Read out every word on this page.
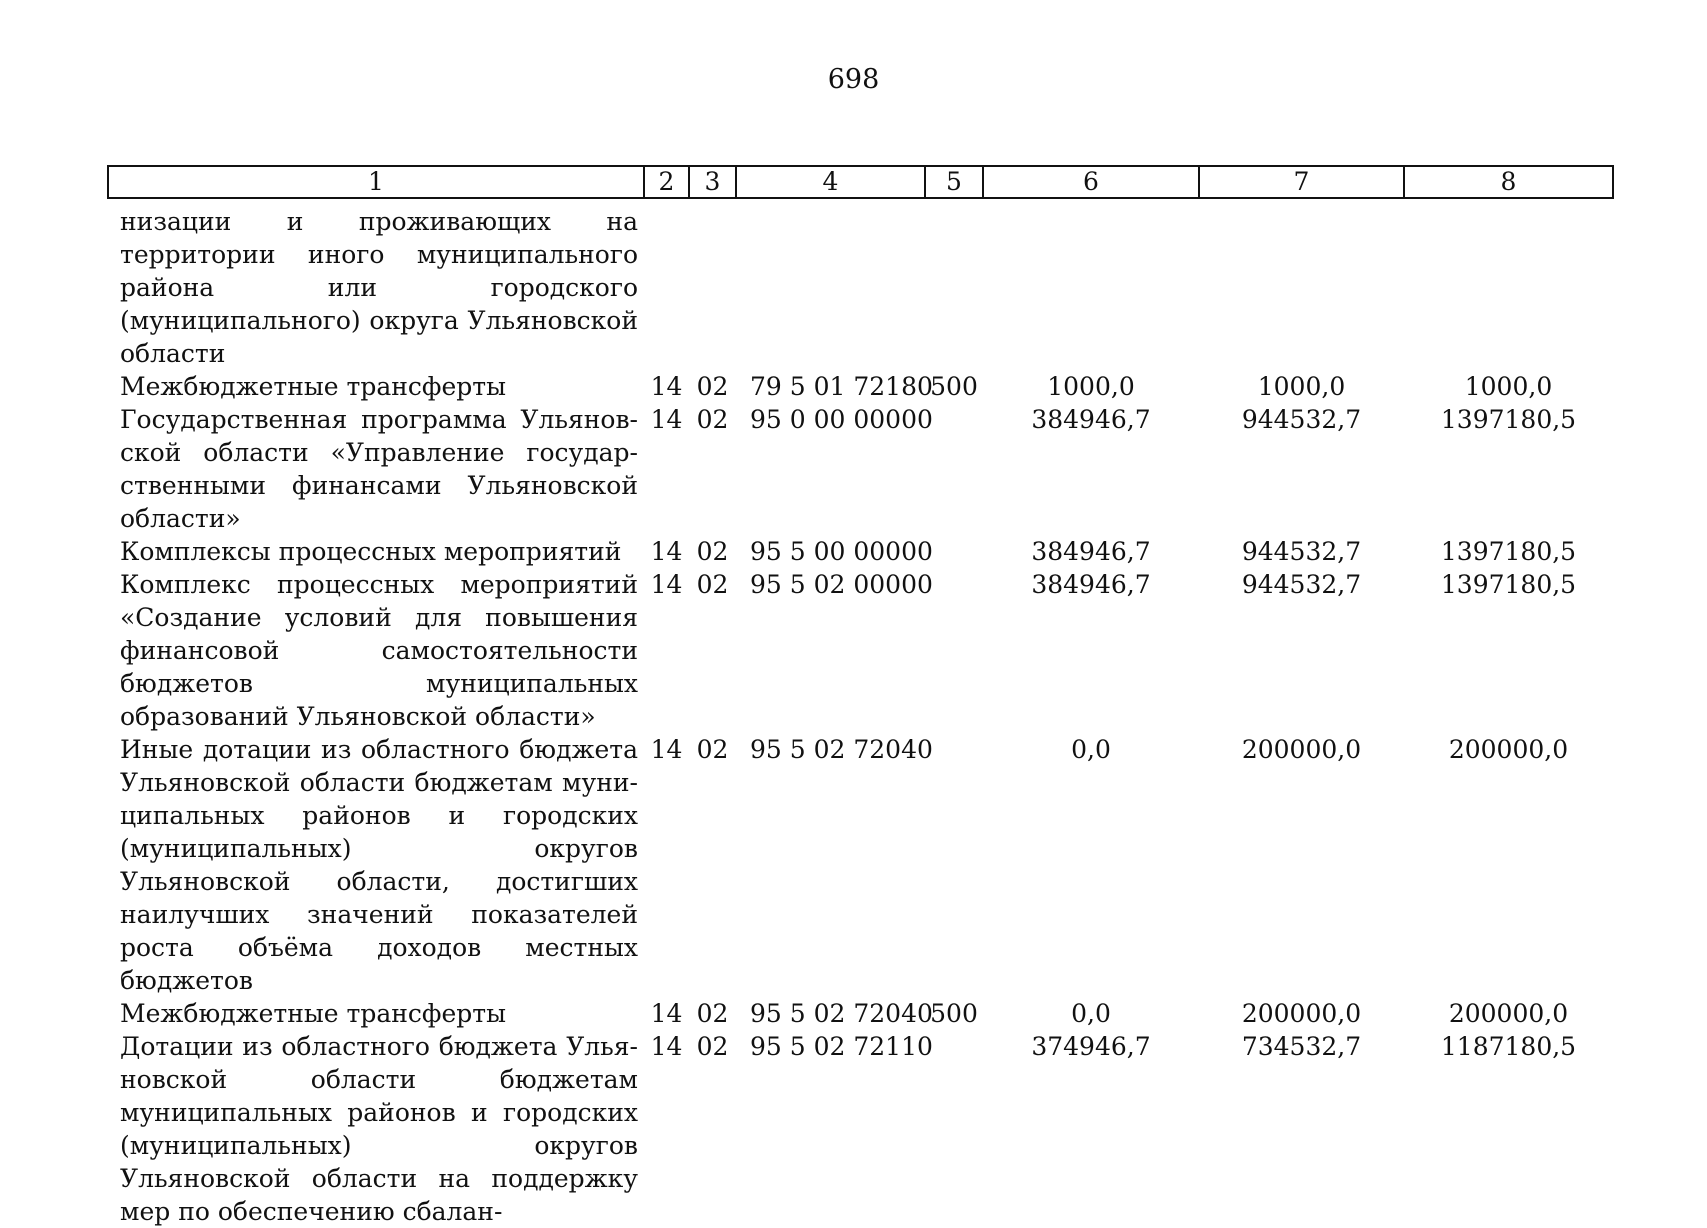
698
1	2	3	4	5	6	7	8
низации и проживающих на территории иного муниципального района или городского (муниципального) округа Ульяновской области							
Межбюджетные трансферты	14	02	79 5 01 72180	500	1000,0	1000,0	1000,0
Государственная программа Ульяновской области «Управление государственными финансами Ульяновской области»	14	02	95 0 00 00000		384946,7	944532,7	1397180,5
Комплексы процессных мероприятий	14	02	95 5 00 00000		384946,7	944532,7	1397180,5
Комплекс процессных мероприятий «Создание условий для повышения финансовой самостоятельности бюджетов муниципальных образований Ульяновской области»	14	02	95 5 02 00000		384946,7	944532,7	1397180,5
Иные дотации из областного бюджета Ульяновской области бюджетам муниципальных районов и городских (муниципальных) округов Ульяновской области, достигших наилучших значений показателей роста объёма доходов местных бюджетов	14	02	95 5 02 72040		0,0	200000,0	200000,0
Межбюджетные трансферты	14	02	95 5 02 72040	500	0,0	200000,0	200000,0
Дотации из областного бюджета Ульяновской области бюджетам муниципальных районов и городских (муниципальных) округов Ульяновской области на поддержку мер по обеспечению сбалан-	14	02	95 5 02 72110		374946,7	734532,7	1187180,5
